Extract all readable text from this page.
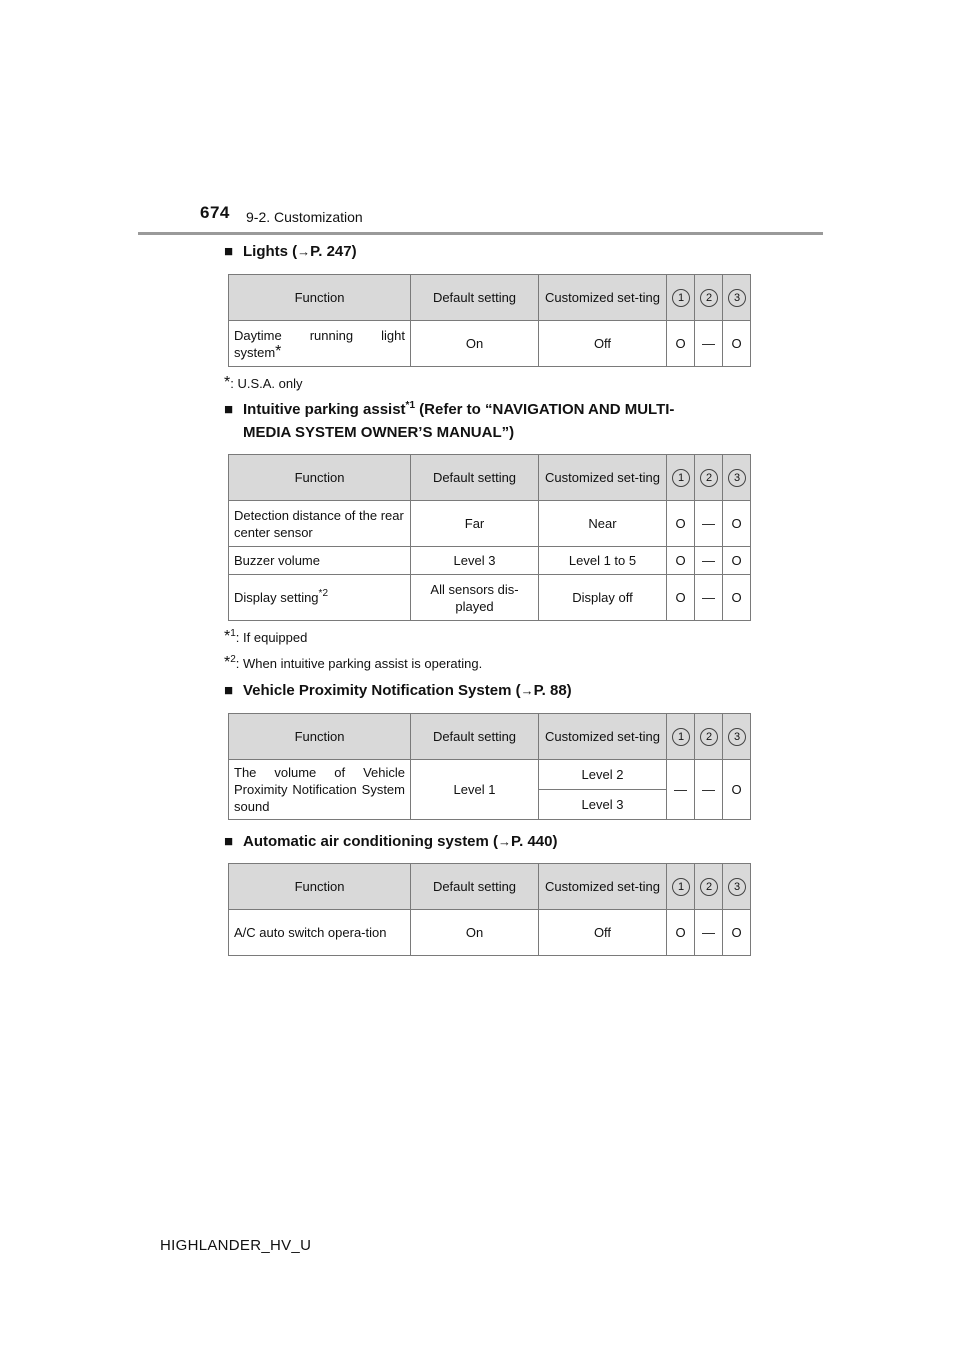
674 9-2. Customization
■ Lights (→P. 247)
Function	Default setting	Customized set-ting	1	2	3
Daytime running light system*	On	Off	O	—	O
*: U.S.A. only
■ Intuitive parking assist$^{*1}$ (Refer to “NAVIGATION AND MULTI-
MEDIA SYSTEM OWNER’S MANUAL”)
Function	Default setting	Customized set-ting	1	2	3
Detection distance of the rear center sensor	Far	Near	O	—	O
Buzzer volume	Level 3	Level 1 to 5	O	—	O
Display setting$^{*2}$	All sensors dis-played	Display off	O	—	O
*$^1$: If equipped
*$^2$: When intuitive parking assist is operating.
■ Vehicle Proximity Notification System (→P. 88)
Function	Default setting	Customized set-ting	1	2	3
The volume of Vehicle Proximity Notification System sound	Level 1	Level 2	—	—	O
		Level 3			
■ Automatic air conditioning system (→P. 440)
Function	Default setting	Customized set-ting	1	2	3
A/C auto switch opera-tion	On	Off	O	—	O
HIGHLANDER_HV_U
